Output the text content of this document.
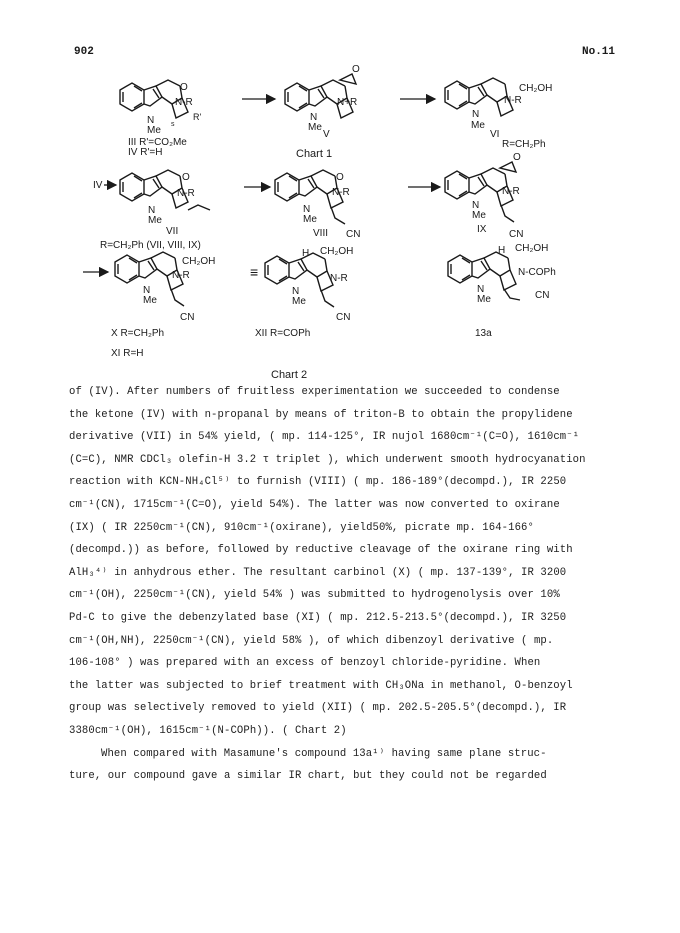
902	No.11
N
Me
N-R
O
R'
s
III R'=CO₂Me
IV R'=H
N
Me
N+R
O
V
N
Me
N-R
CH₂OH
VI
R=CH₂Ph
Chart 1
IV
N
Me
N-R
O
VII
R=CH₂Ph (VII, VIII, IX)
N
Me
N-R
O
CN
VIII
N
Me
N-R
O
CN
IX
N
Me
N-R
CH₂OH
CN
X R=CH₂Ph
XI R=H
≡
H CH₂OH
N
Me
N-R
CN
XII R=COPh
H CH₂OH
N
Me
N-COPh
CN
13a
Chart 2
of (IV). After numbers of fruitless experimentation we succeeded to condense
the ketone (IV) with n-propanal by means of triton-B to obtain the propylidene
derivative (VII) in 54% yield, ( mp. 114-125°, IR nujol 1680cm⁻¹(C=O), 1610cm⁻¹
(C=C), NMR CDCl₃ olefin-H 3.2 τ triplet ), which underwent smooth hydrocyanation
reaction with KCN-NH₄Cl⁵⁾ to furnish (VIII) ( mp. 186-189°(decompd.), IR 2250
cm⁻¹(CN), 1715cm⁻¹(C=O), yield 54%). The latter was now converted to oxirane
(IX) ( IR 2250cm⁻¹(CN), 910cm⁻¹(oxirane), yield50%, picrate mp. 164-166°
(decompd.)) as before, followed by reductive cleavage of the oxirane ring with
AlH₃⁴⁾ in anhydrous ether. The resultant carbinol (X) ( mp. 137-139°, IR 3200
cm⁻¹(OH), 2250cm⁻¹(CN), yield 54% ) was submitted to hydrogenolysis over 10%
Pd-C to give the debenzylated base (XI) ( mp. 212.5-213.5°(decompd.), IR 3250
cm⁻¹(OH,NH), 2250cm⁻¹(CN), yield 58% ), of which dibenzoyl derivative ( mp.
106-108° ) was prepared with an excess of benzoyl chloride-pyridine. When
the latter was subjected to brief treatment with CH₃ONa in methanol, O-benzoyl
group was selectively removed to yield (XII) ( mp. 202.5-205.5°(decompd.), IR
3380cm⁻¹(OH), 1615cm⁻¹(N-COPh)). ( Chart 2)
When compared with Masamune's compound 13a¹⁾ having same plane struc-
ture, our compound gave a similar IR chart, but they could not be regarded
